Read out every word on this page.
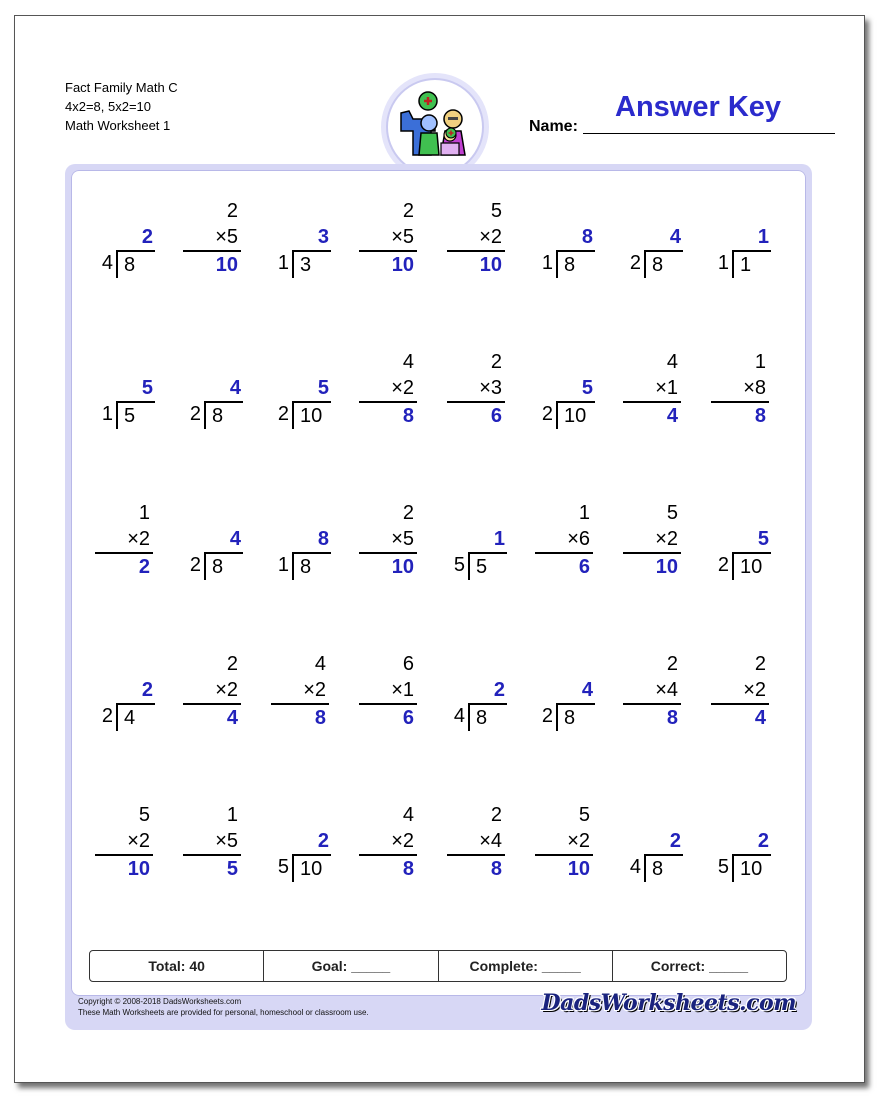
Fact Family Math C
4x2=8, 5x2=10
Math Worksheet 1	Name:
Answer Key
Copyright © 2008-2018 DadsWorksheets.com
These Math Worksheets are provided for personal, homeschool or classroom use.	DadsWorksheets.com
2
4 8
2
×5
10
3
1 3
2
×5
10
5
×2
10
8
1 8
4
2 8
1
1 1
5
1 5
4
2 8
5
2 10
4
×2
8
2
×3
6
5
2 10
4
×1
4
1
×8
8
1
×2
2
4
2 8
8
1 8
2
×5
10
1
5 5
1
×6
6
5
×2
10
5
2 10
2
2 4
2
×2
4
4
×2
8
6
×1
6
2
4 8
4
2 8
2
×4
8
2
×2
4
5
×2
10
1
×5
5
2
5 10
4
×2
8
2
×4
8
5
×2
10
2
4 8
2
5 10
Total: 40	Goal: _____	Complete: _____	Correct: _____
